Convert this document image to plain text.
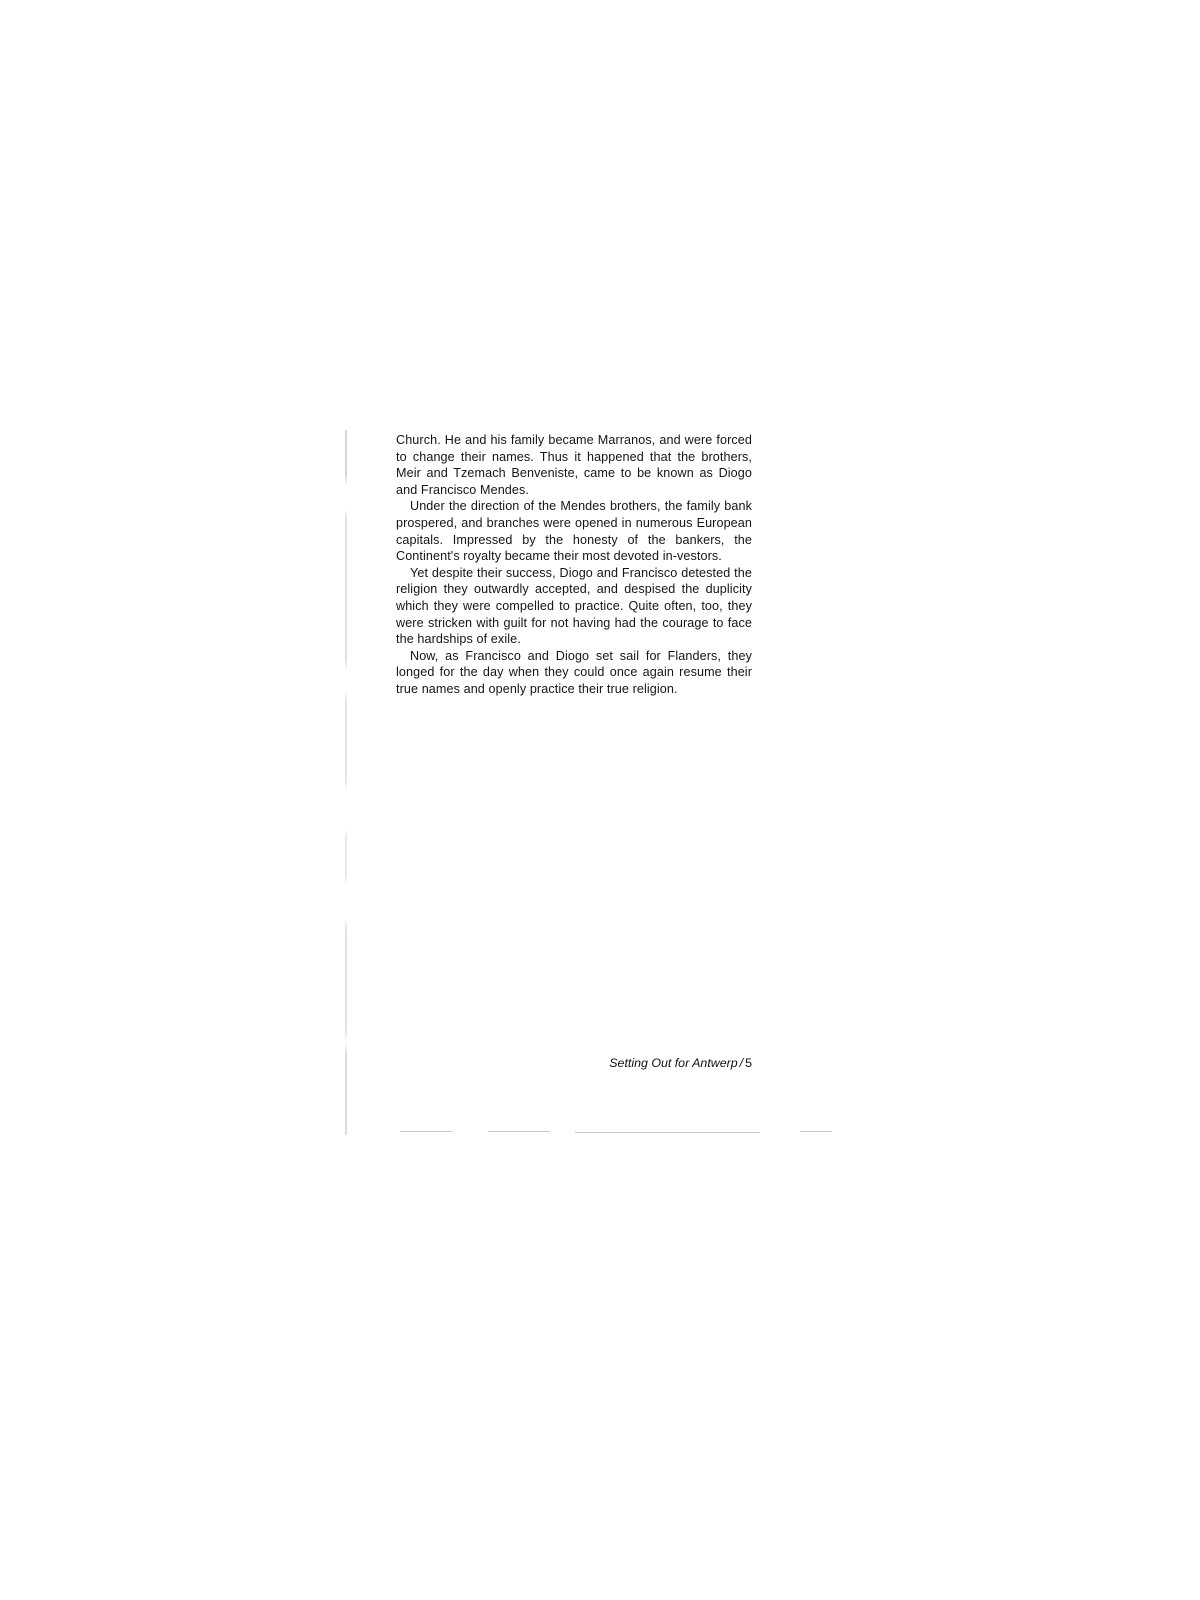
Church. He and his family became Marranos, and were forced to change their names. Thus it happened that the brothers, Meir and Tzemach Benveniste, came to be known as Diogo and Francisco Mendes.

Under the direction of the Mendes brothers, the family bank prospered, and branches were opened in numerous European capitals. Impressed by the honesty of the bankers, the Continent's royalty became their most devoted in-vestors.

Yet despite their success, Diogo and Francisco detested the religion they outwardly accepted, and despised the duplicity which they were compelled to practice. Quite often, too, they were stricken with guilt for not having had the courage to face the hardships of exile.

Now, as Francisco and Diogo set sail for Flanders, they longed for the day when they could once again resume their true names and openly practice their true religion.

Setting Out for Antwerp / 5
